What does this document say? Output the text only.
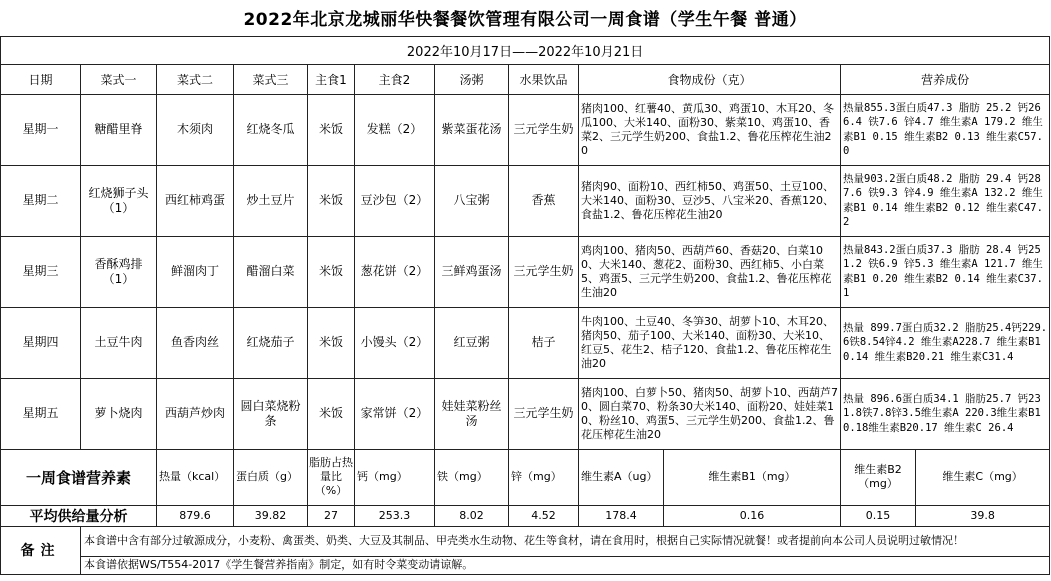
2022年北京龙城丽华快餐餐饮管理有限公司一周食谱（学生午餐 普通）											
2022年10月17日——2022年10月21日											
日期	菜式一	菜式二	菜式三	主食1	主食2	汤粥	水果饮品	食物成份（克）		营养成份	
星期一	糖醋里脊	木须肉	红烧冬瓜	米饭	发糕（2）	紫菜蛋花汤	三元学生奶	猪肉100、红薯40、黄瓜30、鸡蛋10、木耳20、冬瓜100、大米140、面粉30、紫菜10、鸡蛋10、香菜2、三元学生奶200、食盐1.2、鲁花压榨花生油20		热量855.3蛋白质47.3 脂肪 25.2 钙266.4 铁7.6 锌4.7 维生素A 179.2 维生素B1 0.15 维生素B2 0.13 维生素C57.0	
星期二	红烧狮子头（1）	西红柿鸡蛋	炒土豆片	米饭	豆沙包（2）	八宝粥	香蕉	猪肉90、面粉10、西红柿50、鸡蛋50、土豆100、大米140、面粉30、豆沙5、八宝米20、香蕉120、食盐1.2、鲁花压榨花生油20		热量903.2蛋白质48.2 脂肪 29.4 钙287.6 铁9.3 锌4.9 维生素A 132.2 维生素B1 0.14 维生素B2 0.12 维生素C47.2	
星期三	香酥鸡排（1）	鲜溜肉丁	醋溜白菜	米饭	葱花饼（2）	三鲜鸡蛋汤	三元学生奶	鸡肉100、猪肉50、西葫芦60、香菇20、白菜100、大米140、葱花2、面粉30、西红柿5、小白菜5、鸡蛋5、三元学生奶200、食盐1.2、鲁花压榨花生油20		热量843.2蛋白质37.3 脂肪 28.4 钙251.2 铁6.9 锌5.3 维生素A 121.7 维生素B1 0.20 维生素B2 0.14 维生素C37.1	
星期四	土豆牛肉	鱼香肉丝	红烧茄子	米饭	小馒头（2）	红豆粥	桔子	牛肉100、土豆40、冬笋30、胡萝卜10、木耳20、猪肉50、茄子100、大米140、面粉30、大米10、红豆5、花生2、桔子120、食盐1.2、鲁花压榨花生油20		热量 899.7蛋白质32.2 脂肪25.4钙229.6铁8.54锌4.2 维生素A228.7 维生素B10.14 维生素B20.21 维生素C31.4	
星期五	萝卜烧肉	西葫芦炒肉	圆白菜烧粉条	米饭	家常饼（2）	娃娃菜粉丝汤	三元学生奶	猪肉100、白萝卜50、猪肉50、胡萝卜10、西葫芦70、圆白菜70、粉条30大米140、面粉20、娃娃菜10、粉丝10、鸡蛋5、三元学生奶200、食盐1.2、鲁花压榨花生油20		热量 896.6蛋白质34.1 脂肪25.7 钙231.8铁7.8锌3.5维生素A 220.3维生素B1 0.18维生素B20.17 维生素C 26.4	
一周食谱营养素		热量（kcal）	蛋白质（g）	脂肪占热量比（%）	钙（mg）	铁（mg）	锌（mg）	维生素A（ug）	维生素B1（mg）	维生素B2（mg）	维生素C（mg）
平均供给量分析		879.6	39.82	27	253.3	8.02	4.52	178.4	0.16	0.15	39.8
备注	本食谱中含有部分过敏源成分，小麦粉、禽蛋类、奶类、大豆及其制品、甲壳类水生动物、花生等食材，请在食用时，根据自己实际情况就餐！或者提前向本公司人员说明过敏情况！										
	本食谱依据WS/T554-2017《学生餐营养指南》制定，如有时令菜变动请谅解。										
